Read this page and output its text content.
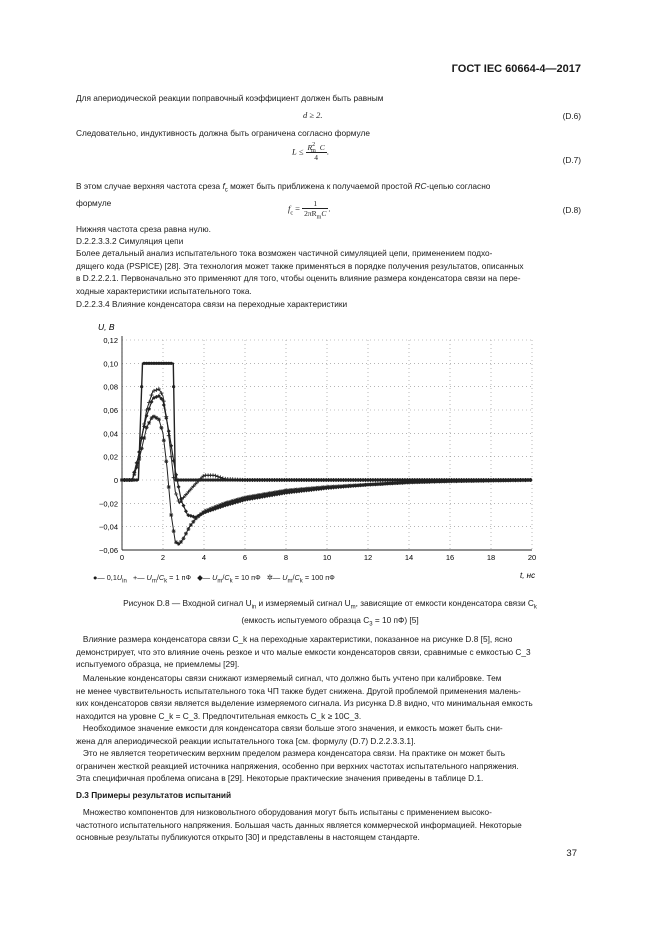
ГОСТ IEC 60664-4—2017
Для апериодической реакции поправочный коэффициент должен быть равным
d ≥ 2.	(D.6)
Следовательно, индуктивность должна быть ограничена согласно формуле
$L \le \frac{R^2_m C}{4}$ .
(D.7)
В этом случае верхняя частота среза $f_c$ может быть приближена к получаемой простой RC-цепью согласно
формуле
$f_c = \frac{1}{2\pi R_mC}$ .	(D.8)
Нижняя частота среза равна нулю.
D.2.2.3.3.2 Симуляция цепи
Более детальный анализ испытательного тока возможен частичной симуляцией цепи, применением подхо-
дящего кода (PSPICE) [28]. Эта технология может также применяться в порядке получения результатов, описанных
в D.2.2.2.1. Первоначально это применяют для того, чтобы оценить влияние размера конденсатора связи на пере-
ходные характеристики испытательного тока.
D.2.2.3.4 Влияние конденсатора связи на переходные характеристики
0	2	4	6	8	10	12	14	16	18	20
0,12
0,10
0,08
0,06
0,04
0,02
0
−0,02
−0,04
−0,06
U, В
t, нс
●— $0,1U_{in}$ +— $U_m/C_k = 1$ пФ ◆— $U_m/C_k = 10$ пФ ✲— $U_m/C_k = 100$ пФ
Рисунок D.8 — Входной сигнал $U_{in}$ и измеряемый сигнал $U_m$, зависящие от емкости конденсатора связи $C_k$
(емкость испытуемого образца $C_3 = 10$ пФ) [5]
Влияние размера конденсатора связи C_k на переходные характеристики, показанное на рисунке D.8 [5], ясно
демонстрирует, что это влияние очень резкое и что малые емкости конденсаторов связи, сравнимые с емкостью C_3
испытуемого образца, не приемлемы [29].
Маленькие конденсаторы связи снижают измеряемый сигнал, что должно быть учтено при калибровке. Тем
не менее чувствительность испытательного тока ЧП также будет снижена. Другой проблемой применения малень-
ких конденсаторов связи является выделение измеряемого сигнала. Из рисунка D.8 видно, что минимальная емкость
находится на уровне C_k = C_3. Предпочтительная емкость C_k ≥ 10C_3.
Необходимое значение емкости для конденсатора связи больше этого значения, и емкость может быть сни-
жена для апериодической реакции испытательного тока [см. формулу (D.7) D.2.2.3.3.1].
Это не является теоретическим верхним пределом размера конденсатора связи. На практике он может быть
ограничен жесткой реакцией источника напряжения, особенно при верхних частотах испытательного напряжения.
Эта специфичная проблема описана в [29]. Некоторые практические значения приведены в таблице D.1.
D.3 Примеры результатов испытаний
Множество компонентов для низковольтного оборудования могут быть испытаны с применением высоко-
частотного испытательного напряжения. Большая часть данных является коммерческой информацией. Некоторые
основные результаты публикуются открыто [30] и представлены в настоящем стандарте.
37
